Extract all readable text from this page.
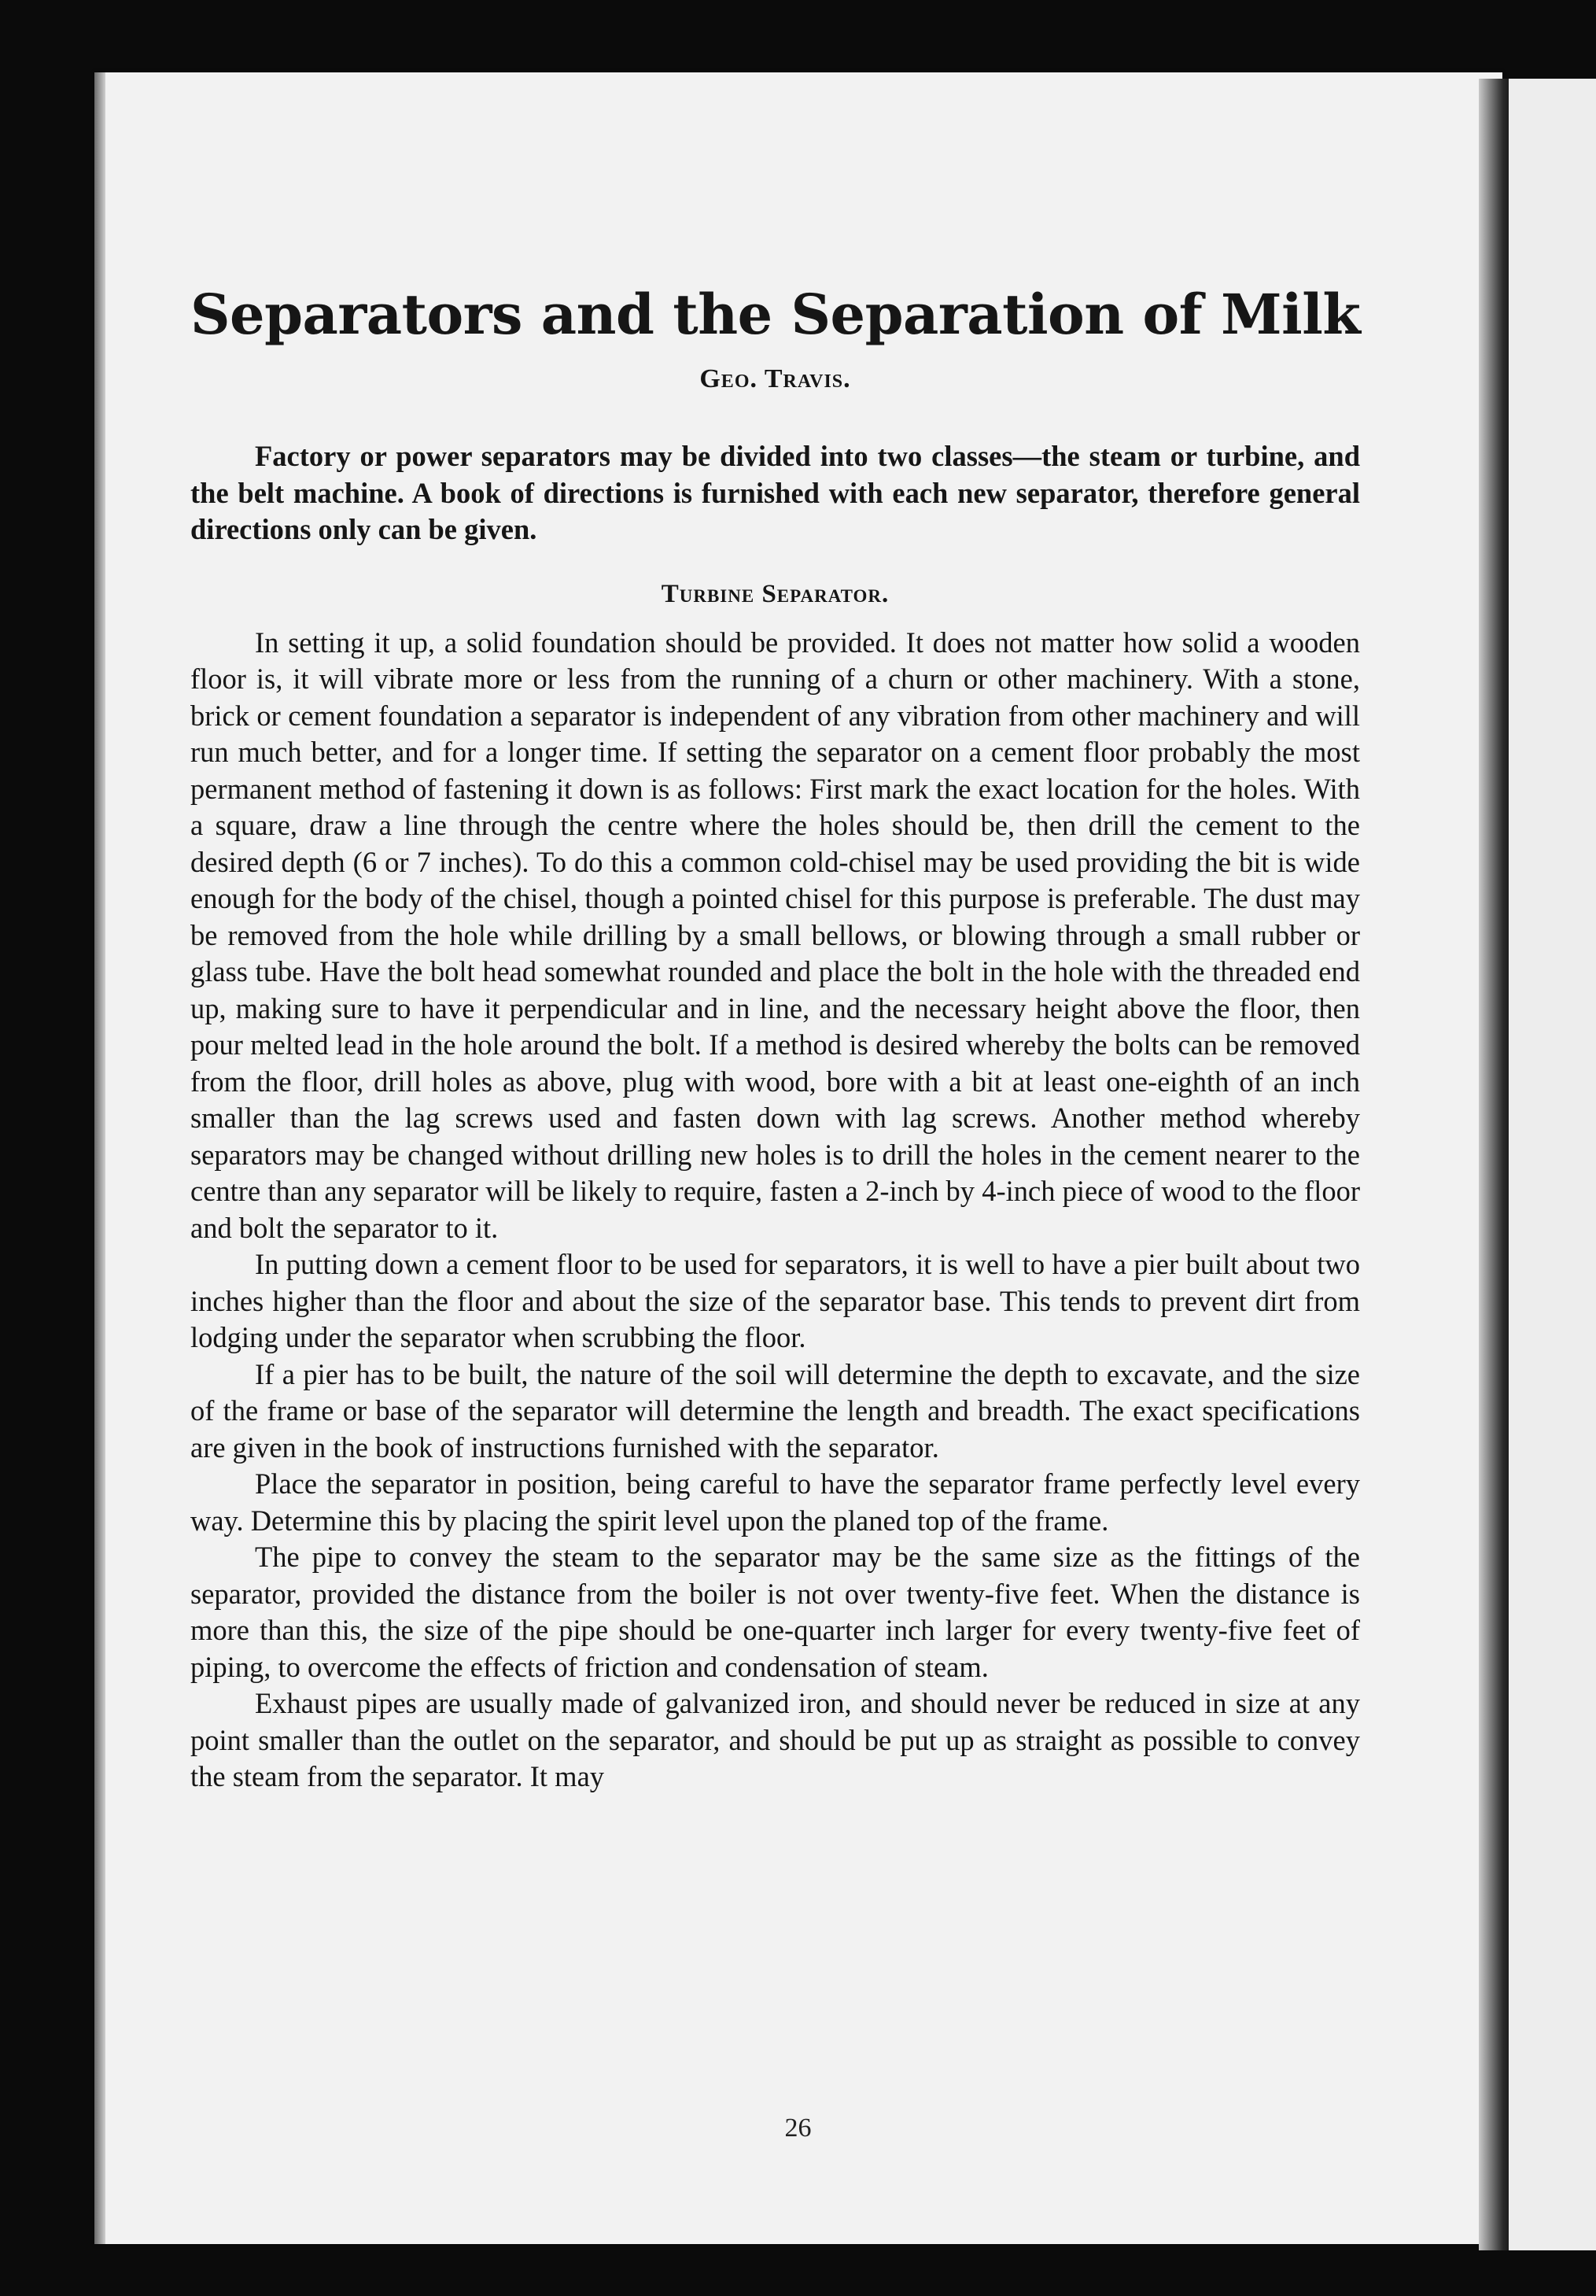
Separators and the Separation of Milk
Geo. Travis.

Factory or power separators may be divided into two classes—the steam or turbine, and the belt machine. A book of directions is furnished with each new separator, therefore general directions only can be given.

Turbine Separator.

In setting it up, a solid foundation should be provided. It does not matter how solid a wooden floor is, it will vibrate more or less from the running of a churn or other machinery. With a stone, brick or cement foundation a separator is independent of any vibration from other machinery and will run much better, and for a longer time. If setting the separator on a cement floor probably the most permanent method of fastening it down is as follows: First mark the exact location for the holes. With a square, draw a line through the centre where the holes should be, then drill the cement to the desired depth (6 or 7 inches). To do this a common cold-chisel may be used providing the bit is wide enough for the body of the chisel, though a pointed chisel for this purpose is preferable. The dust may be removed from the hole while drilling by a small bellows, or blowing through a small rubber or glass tube. Have the bolt head somewhat rounded and place the bolt in the hole with the threaded end up, making sure to have it perpendicular and in line, and the necessary height above the floor, then pour melted lead in the hole around the bolt. If a method is desired whereby the bolts can be removed from the floor, drill holes as above, plug with wood, bore with a bit at least one-eighth of an inch smaller than the lag screws used and fasten down with lag screws. Another method whereby separators may be changed without drilling new holes is to drill the holes in the cement nearer to the centre than any separator will be likely to require, fasten a 2-inch by 4-inch piece of wood to the floor and bolt the separator to it.

In putting down a cement floor to be used for separators, it is well to have a pier built about two inches higher than the floor and about the size of the separator base. This tends to prevent dirt from lodging under the separator when scrubbing the floor.

If a pier has to be built, the nature of the soil will determine the depth to excavate, and the size of the frame or base of the separator will determine the length and breadth. The exact specifications are given in the book of instructions furnished with the separator.

Place the separator in position, being careful to have the separator frame perfectly level every way. Determine this by placing the spirit level upon the planed top of the frame.

The pipe to convey the steam to the separator may be the same size as the fittings of the separator, provided the distance from the boiler is not over twenty-five feet. When the distance is more than this, the size of the pipe should be one-quarter inch larger for every twenty-five feet of piping, to overcome the effects of friction and condensation of steam.

Exhaust pipes are usually made of galvanized iron, and should never be reduced in size at any point smaller than the outlet on the separator, and should be put up as straight as possible to convey the steam from the separator. It may

26
